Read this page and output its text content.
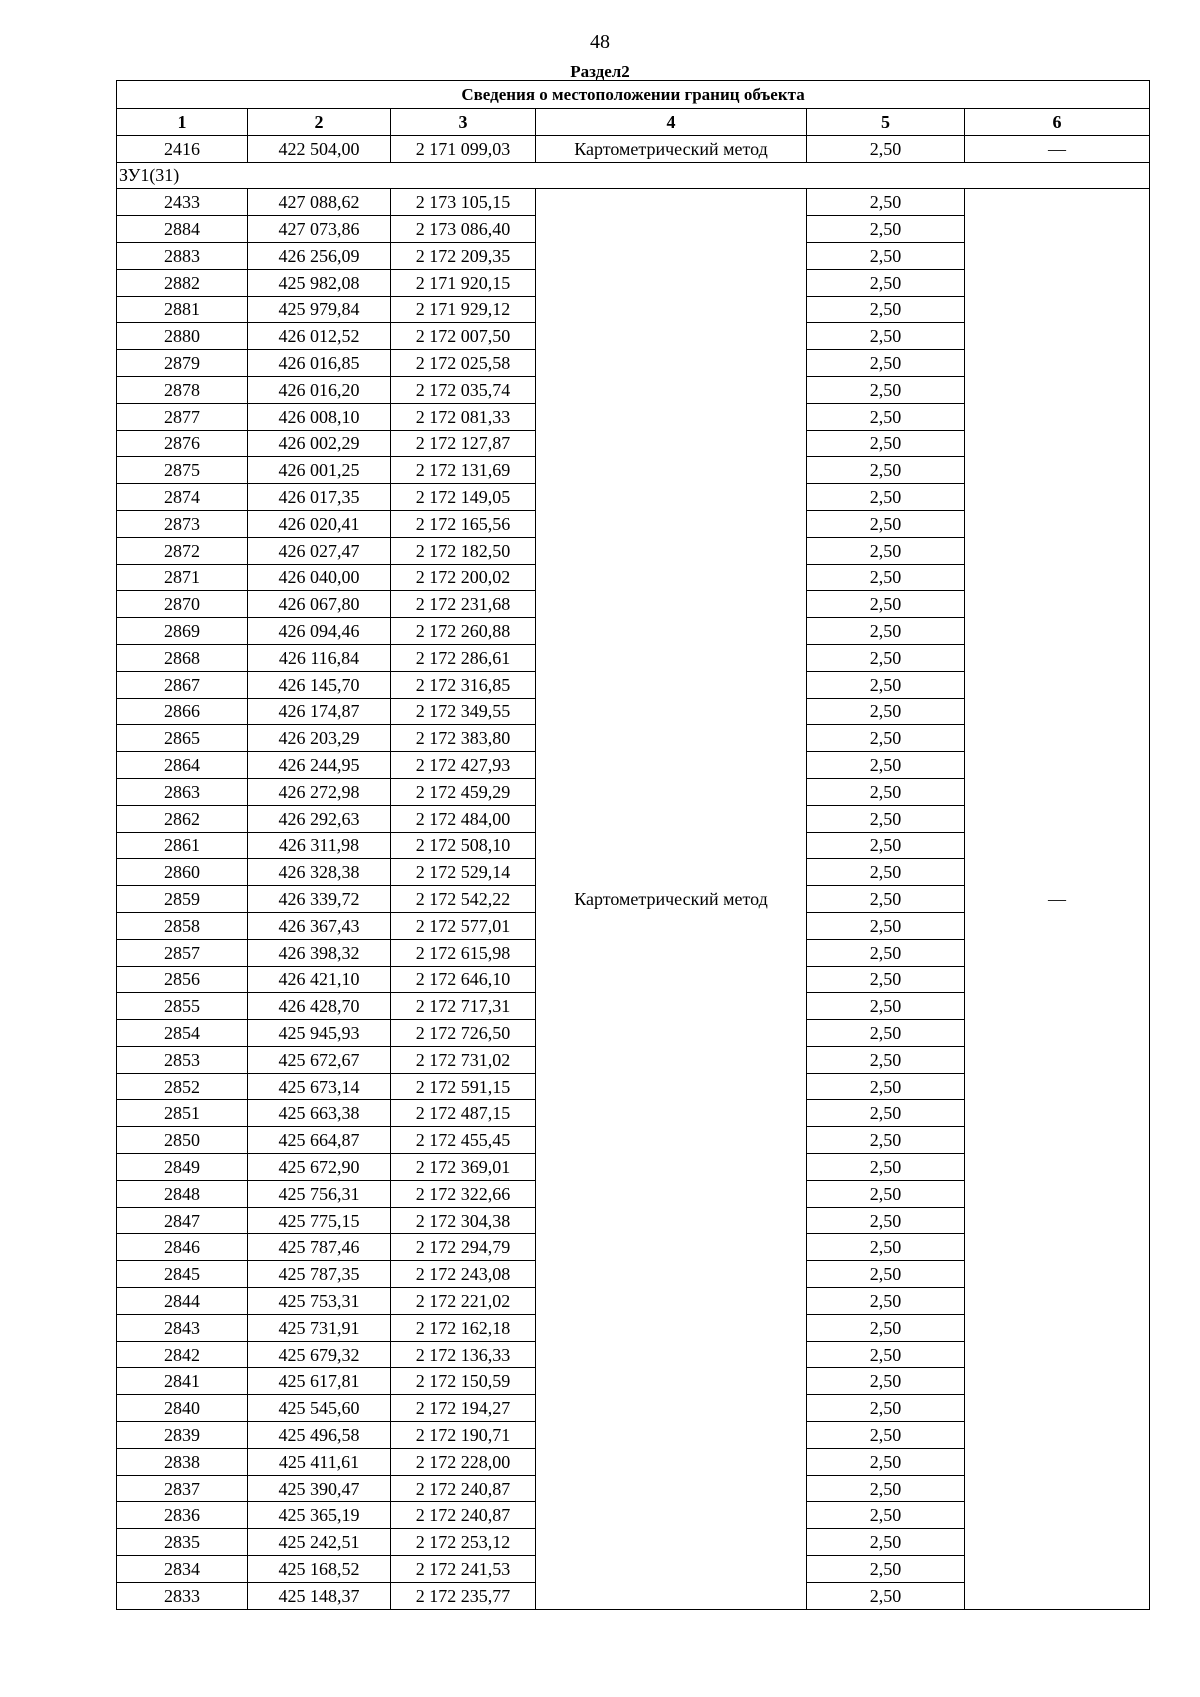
48
Раздел2
Сведения о местоположении границ объекта					
1	2	3	4	5	6
2416	422 504,00	2 171 099,03	Картометрический метод	2,50	—
ЗУ1(31)					
2433	427 088,62	2 173 105,15	Картометрический метод	2,50	—
2884	427 073,86	2 173 086,40		2,50	
2883	426 256,09	2 172 209,35		2,50	
2882	425 982,08	2 171 920,15		2,50	
2881	425 979,84	2 171 929,12		2,50	
2880	426 012,52	2 172 007,50		2,50	
2879	426 016,85	2 172 025,58		2,50	
2878	426 016,20	2 172 035,74		2,50	
2877	426 008,10	2 172 081,33		2,50	
2876	426 002,29	2 172 127,87		2,50	
2875	426 001,25	2 172 131,69		2,50	
2874	426 017,35	2 172 149,05		2,50	
2873	426 020,41	2 172 165,56		2,50	
2872	426 027,47	2 172 182,50		2,50	
2871	426 040,00	2 172 200,02		2,50	
2870	426 067,80	2 172 231,68		2,50	
2869	426 094,46	2 172 260,88		2,50	
2868	426 116,84	2 172 286,61		2,50	
2867	426 145,70	2 172 316,85		2,50	
2866	426 174,87	2 172 349,55		2,50	
2865	426 203,29	2 172 383,80		2,50	
2864	426 244,95	2 172 427,93		2,50	
2863	426 272,98	2 172 459,29		2,50	
2862	426 292,63	2 172 484,00		2,50	
2861	426 311,98	2 172 508,10		2,50	
2860	426 328,38	2 172 529,14		2,50	
2859	426 339,72	2 172 542,22		2,50	
2858	426 367,43	2 172 577,01		2,50	
2857	426 398,32	2 172 615,98		2,50	
2856	426 421,10	2 172 646,10		2,50	
2855	426 428,70	2 172 717,31		2,50	
2854	425 945,93	2 172 726,50		2,50	
2853	425 672,67	2 172 731,02		2,50	
2852	425 673,14	2 172 591,15		2,50	
2851	425 663,38	2 172 487,15		2,50	
2850	425 664,87	2 172 455,45		2,50	
2849	425 672,90	2 172 369,01		2,50	
2848	425 756,31	2 172 322,66		2,50	
2847	425 775,15	2 172 304,38		2,50	
2846	425 787,46	2 172 294,79		2,50	
2845	425 787,35	2 172 243,08		2,50	
2844	425 753,31	2 172 221,02		2,50	
2843	425 731,91	2 172 162,18		2,50	
2842	425 679,32	2 172 136,33		2,50	
2841	425 617,81	2 172 150,59		2,50	
2840	425 545,60	2 172 194,27		2,50	
2839	425 496,58	2 172 190,71		2,50	
2838	425 411,61	2 172 228,00		2,50	
2837	425 390,47	2 172 240,87		2,50	
2836	425 365,19	2 172 240,87		2,50	
2835	425 242,51	2 172 253,12		2,50	
2834	425 168,52	2 172 241,53		2,50	
2833	425 148,37	2 172 235,77		2,50	
